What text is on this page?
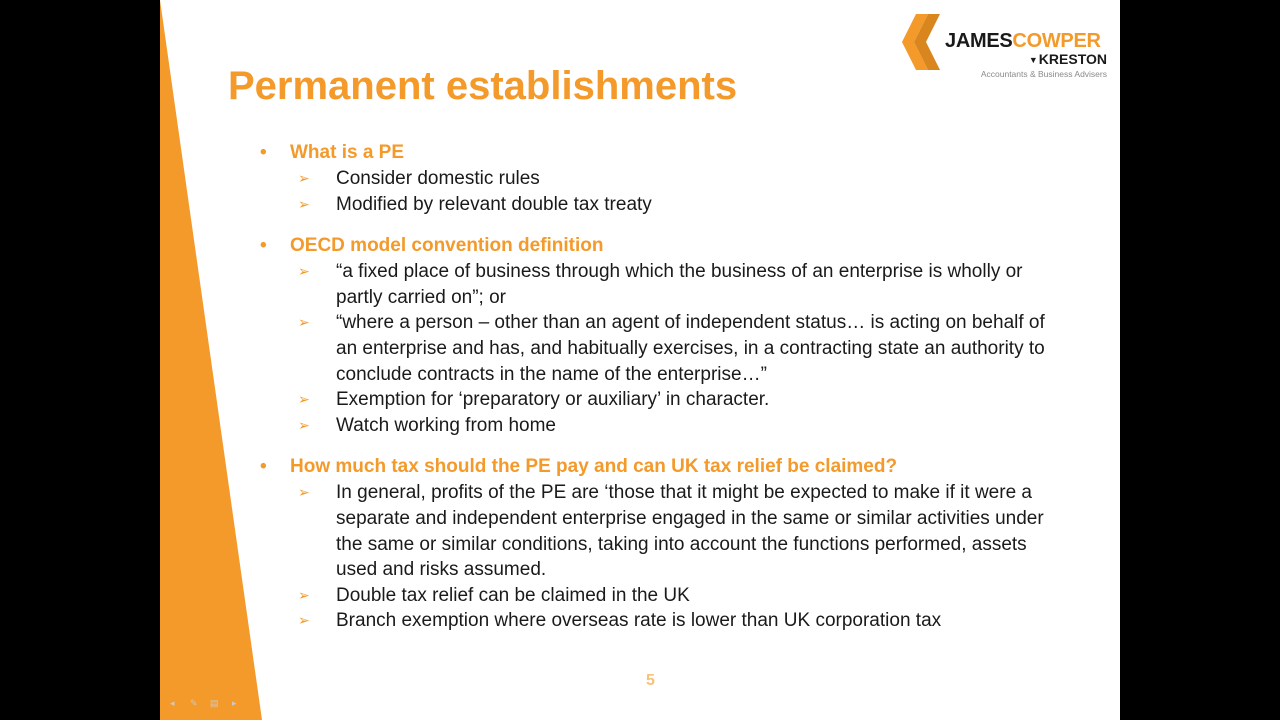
Permanent establishments
JAMESCOWPER
▼KRESTON
Accountants & Business Advisers
• What is a PE
➢ Consider domestic rules
➢ Modified by relevant double tax treaty
• OECD model convention definition
➢ “a fixed place of business through which the business of an enterprise is wholly or partly carried on”; or
➢ “where a person – other than an agent of independent status… is acting on behalf of an enterprise and has, and habitually exercises, in a contracting state an authority to conclude contracts in the name of the enterprise…”
➢ Exemption for ‘preparatory or auxiliary’ in character.
➢ Watch working from home
• How much tax should the PE pay and can UK tax relief be claimed?
➢ In general, profits of the PE are ‘those that it might be expected to make if it were a separate and independent enterprise engaged in the same or similar activities under the same or similar conditions, taking into account the functions performed, assets used and risks assumed.
➢ Double tax relief can be claimed in the UK
➢ Branch exemption where overseas rate is lower than UK corporation tax
5
◂ ✎ ▤ ▸
